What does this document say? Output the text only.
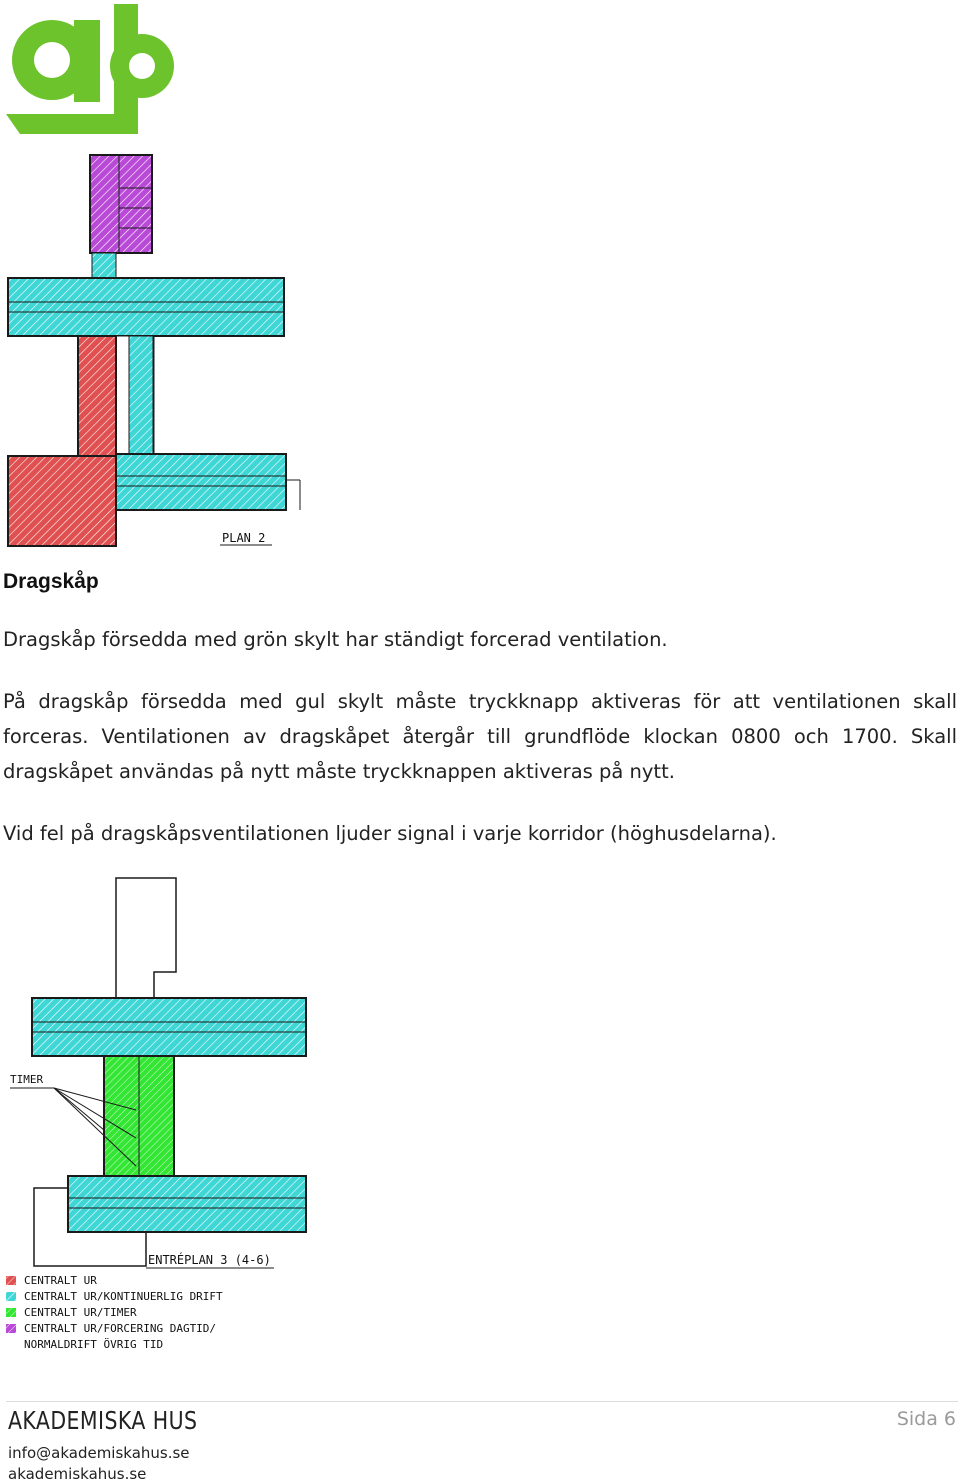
PLAN 2
Dragskåp
Dragskåp försedda med grön skylt har ständigt forcerad ventilation.
På dragskåp försedda med gul skylt måste tryckknapp aktiveras för att ventilationen skall forceras. Ventilationen av dragskåpet återgår till grundflöde klockan 0800 och 1700. Skall dragskåpet användas på nytt måste tryckknappen aktiveras på nytt.
Vid fel på dragskåpsventilationen ljuder signal i varje korridor (höghusdelarna).
TIMER
ENTRÉPLAN 3 (4-6)
CENTRALT UR
CENTRALT UR/KONTINUERLIG DRIFT
CENTRALT UR/TIMER
CENTRALT UR/FORCERING DAGTID/
NORMALDRIFT ÖVRIG TID
AKADEMISKA HUS
info@akademiskahus.se
akademiskahus.se
Sida 6
